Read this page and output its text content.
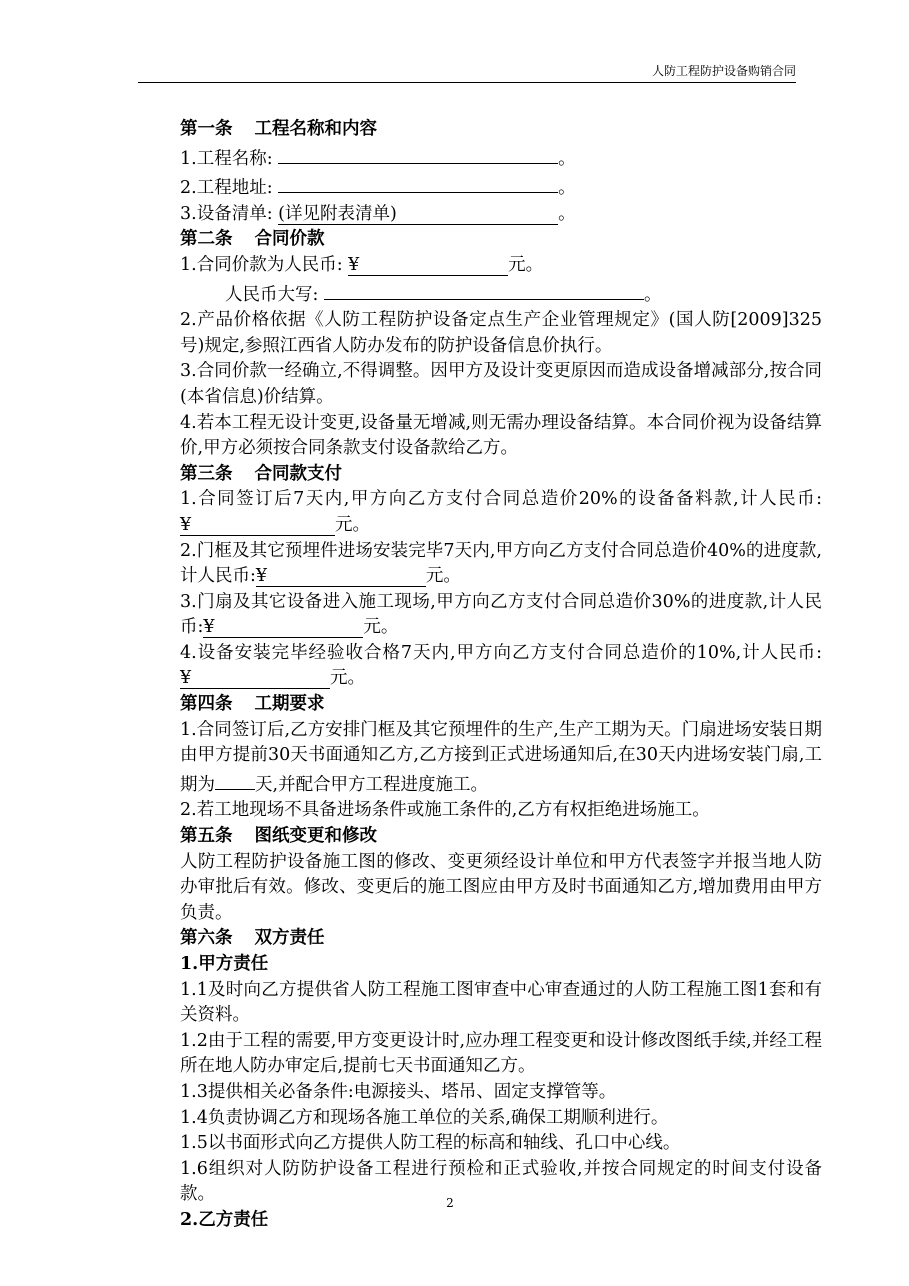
人防工程防护设备购销合同

第一条 工程名称和内容

1.工程名称:	。

2.工程地址:	。

3.设备清单: (详见附表清单)	。

第二条 合同价款

1.合同价款为人民币: ¥	元。

人民币大写:	。

2.产品价格依据《人防工程防护设备定点生产企业管理规定》(国人防[2009]325号)规定,参照江西省人防办发布的防护设备信息价执行。

3.合同价款一经确立,不得调整。因甲方及设计变更原因而造成设备增减部分,按合同(本省信息)价结算。

4.若本工程无设计变更,设备量无增减,则无需办理设备结算。本合同价视为设备结算价,甲方必须按合同条款支付设备款给乙方。

第三条 合同款支付

1.合同签订后7天内,甲方向乙方支付合同总造价20%的设备备料款,计人民币:¥	元。

2.门框及其它预埋件进场安装完毕7天内,甲方向乙方支付合同总造价40%的进度款,计人民币:¥	元。

3.门扇及其它设备进入施工现场,甲方向乙方支付合同总造价30%的进度款,计人民币:¥	元。

4.设备安装完毕经验收合格7天内,甲方向乙方支付合同总造价的10%,计人民币:¥	元。

第四条 工期要求

1.合同签订后,乙方安排门框及其它预埋件的生产,生产工期为天。门扇进场安装日期由甲方提前30天书面通知乙方,乙方接到正式进场通知后,在30天内进场安装门扇,工期为 天,并配合甲方工程进度施工。

2.若工地现场不具备进场条件或施工条件的,乙方有权拒绝进场施工。

第五条 图纸变更和修改

人防工程防护设备施工图的修改、变更须经设计单位和甲方代表签字并报当地人防办审批后有效。修改、变更后的施工图应由甲方及时书面通知乙方,增加费用由甲方负责。

第六条 双方责任

1.甲方责任

1.1及时向乙方提供省人防工程施工图审查中心审查通过的人防工程施工图1套和有关资料。

1.2由于工程的需要,甲方变更设计时,应办理工程变更和设计修改图纸手续,并经工程所在地人防办审定后,提前七天书面通知乙方。

1.3提供相关必备条件:电源接头、塔吊、固定支撑管等。

1.4负责协调乙方和现场各施工单位的关系,确保工期顺利进行。

1.5以书面形式向乙方提供人防工程的标高和轴线、孔口中心线。

1.6组织对人防防护设备工程进行预检和正式验收,并按合同规定的时间支付设备款。

2.乙方责任

2
